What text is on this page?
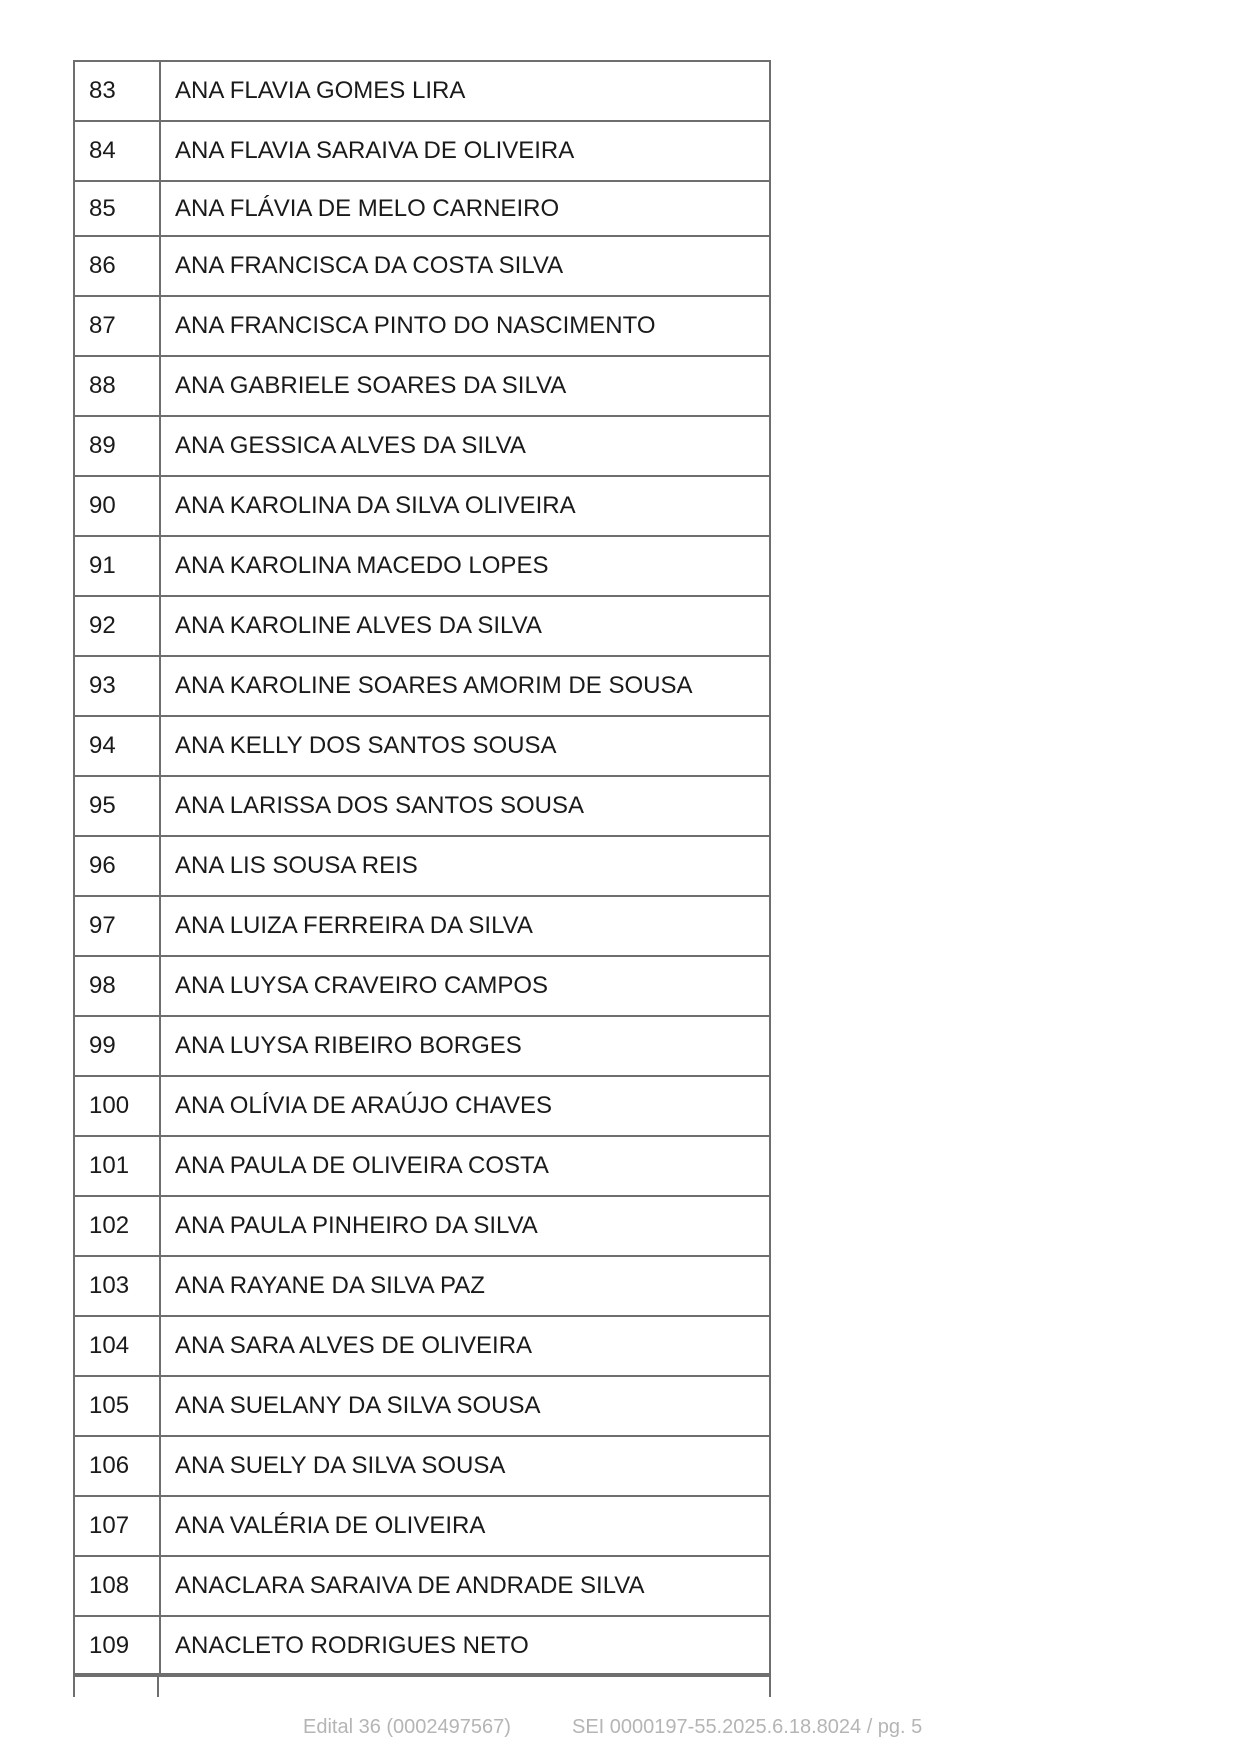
83	ANA FLAVIA GOMES LIRA
84	ANA FLAVIA SARAIVA DE OLIVEIRA
85	ANA FLÁVIA DE MELO CARNEIRO
86	ANA FRANCISCA DA COSTA SILVA
87	ANA FRANCISCA PINTO DO NASCIMENTO
88	ANA GABRIELE SOARES DA SILVA
89	ANA GESSICA ALVES DA SILVA
90	ANA KAROLINA DA SILVA OLIVEIRA
91	ANA KAROLINA MACEDO LOPES
92	ANA KAROLINE ALVES DA SILVA
93	ANA KAROLINE SOARES AMORIM DE SOUSA
94	ANA KELLY DOS SANTOS SOUSA
95	ANA LARISSA DOS SANTOS SOUSA
96	ANA LIS SOUSA REIS
97	ANA LUIZA FERREIRA DA SILVA
98	ANA LUYSA CRAVEIRO CAMPOS
99	ANA LUYSA RIBEIRO BORGES
100	ANA OLÍVIA DE ARAÚJO CHAVES
101	ANA PAULA DE OLIVEIRA COSTA
102	ANA PAULA PINHEIRO DA SILVA
103	ANA RAYANE DA SILVA PAZ
104	ANA SARA ALVES DE OLIVEIRA
105	ANA SUELANY DA SILVA SOUSA
106	ANA SUELY DA SILVA SOUSA
107	ANA VALÉRIA DE OLIVEIRA
108	ANACLARA SARAIVA DE ANDRADE SILVA
109	ANACLETO RODRIGUES NETO
Edital 36 (0002497567)	SEI 0000197-55.2025.6.18.8024 / pg. 5
